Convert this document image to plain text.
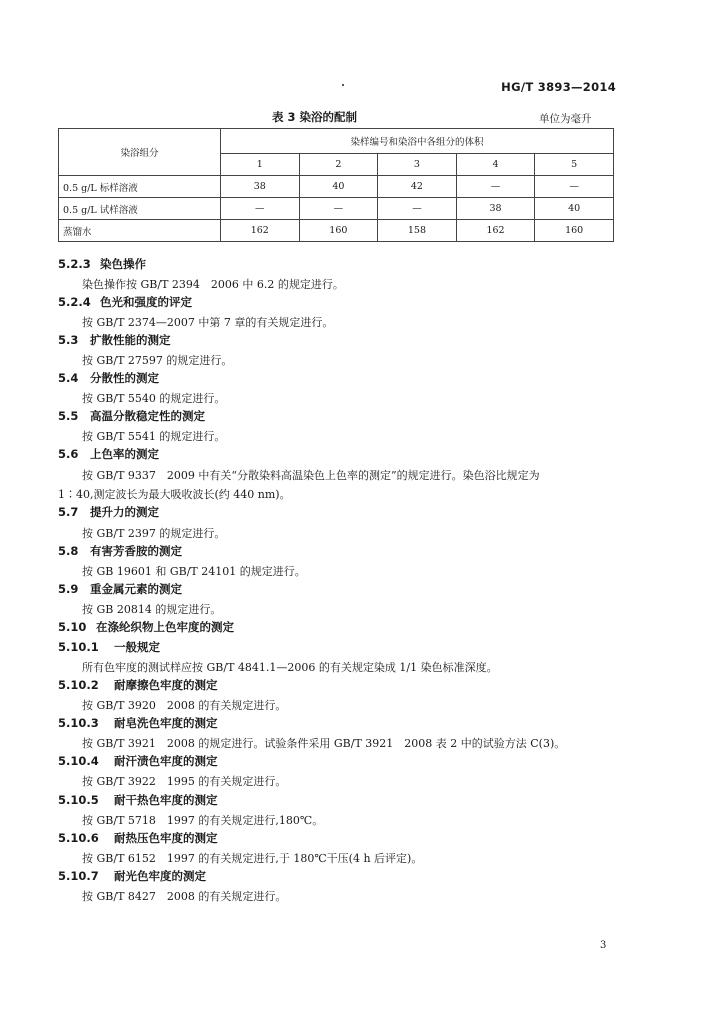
HG/T 3893—2014
表 3 染浴的配制	单位为毫升
染浴组分	染样编号和染浴中各组分的体积				
	1	2	3	4	5
0.5 g/L 标样溶液	38	40	42	—	—
0.5 g/L 试样溶液	—	—	—	38	40
蒸馏水	162	160	158	162	160
5.2.3 染色操作
染色操作按 GB/T 2394　2006 中 6.2 的规定进行。
5.2.4 色光和强度的评定
按 GB/T 2374—2007 中第 7 章的有关规定进行。
5.3 扩散性能的测定
按 GB/T 27597 的规定进行。
5.4 分散性的测定
按 GB/T 5540 的规定进行。
5.5 高温分散稳定性的测定
按 GB/T 5541 的规定进行。
5.6 上色率的测定
按 GB/T 9337　2009 中有关“分散染料高温染色上色率的测定”的规定进行。染色浴比规定为
1∶40,测定波长为最大吸收波长(约 440 nm)。
5.7 提升力的测定
按 GB/T 2397 的规定进行。
5.8 有害芳香胺的测定
按 GB 19601 和 GB/T 24101 的规定进行。
5.9 重金属元素的测定
按 GB 20814 的规定进行。
5.10 在涤纶织物上色牢度的测定
5.10.1 一般规定
所有色牢度的测试样应按 GB/T 4841.1—2006 的有关规定染成 1/1 染色标准深度。
5.10.2 耐摩擦色牢度的测定
按 GB/T 3920　2008 的有关规定进行。
5.10.3 耐皂洗色牢度的测定
按 GB/T 3921　2008 的规定进行。试验条件采用 GB/T 3921　2008 表 2 中的试验方法 C(3)。
5.10.4 耐汗渍色牢度的测定
按 GB/T 3922　1995 的有关规定进行。
5.10.5 耐干热色牢度的测定
按 GB/T 5718　1997 的有关规定进行,180℃。
5.10.6 耐热压色牢度的测定
按 GB/T 6152　1997 的有关规定进行,于 180℃干压(4 h 后评定)。
5.10.7 耐光色牢度的测定
按 GB/T 8427　2008 的有关规定进行。
3
